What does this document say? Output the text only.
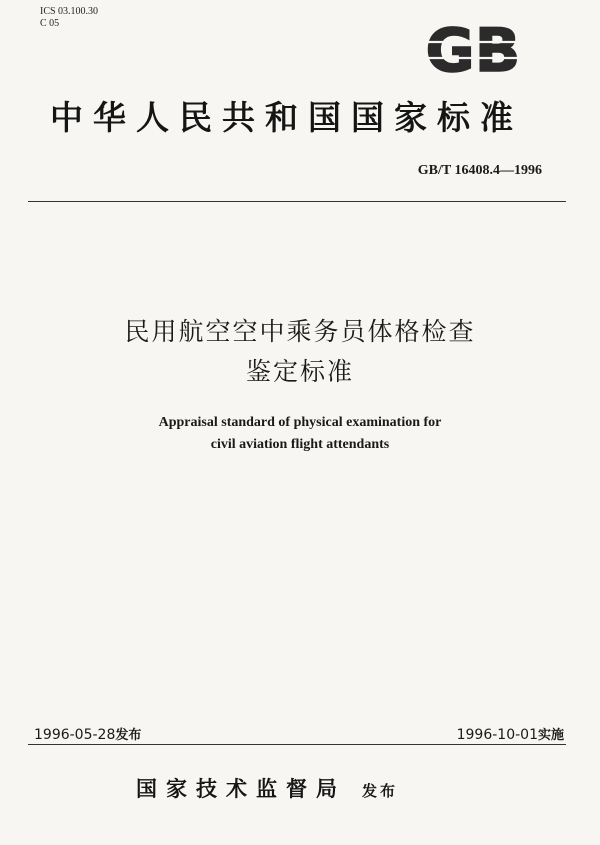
ICS 03.100.30
C 05	GB
中华人民共和国国家标准
GB/T 16408.4—1996
民用航空空中乘务员体格检查
鉴定标准
Appraisal standard of physical examination for
civil aviation flight attendants
1996-05-28发布	1996-10-01实施
国家技术监督局 发布
